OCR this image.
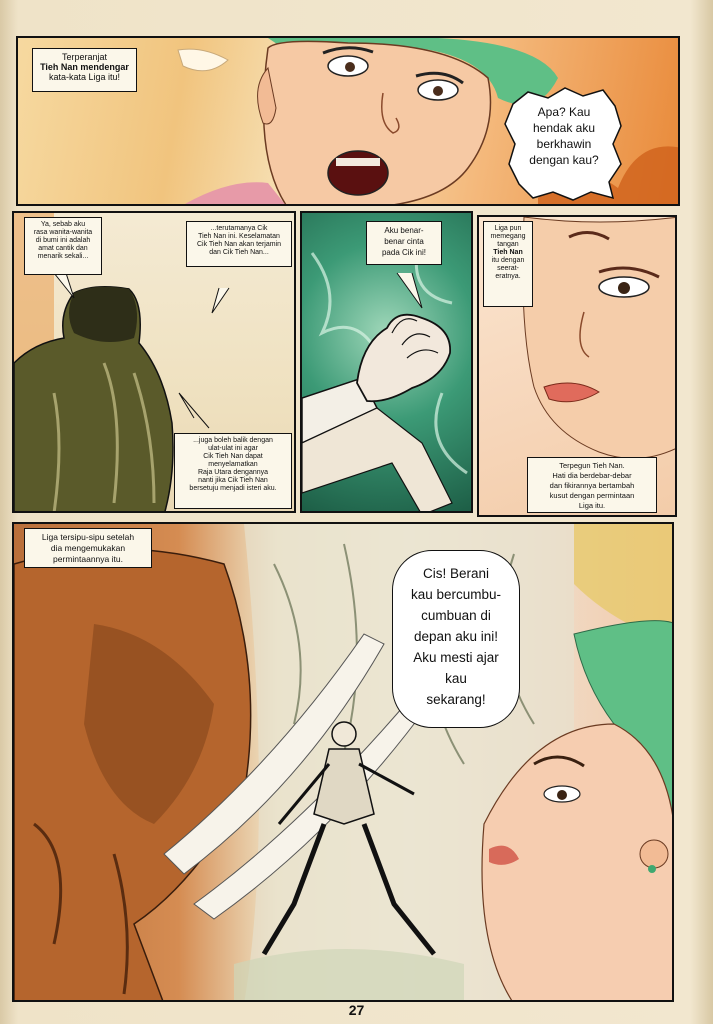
Terperanjat
Tieh Nan mendengar
kata-kata Liga itu!
Apa? Kau
hendak aku
berkhawin
dengan kau?
Ya, sebab aku
rasa wanita-wanita
di bumi ini adalah
amat cantik dan
menarik sekali...
...terutamanya Cik
Tieh Nan ini. Keselamatan
Cik Tieh Nan akan terjamin
dan Cik Tieh Nan...
...juga boleh balik dengan
ulat-ulat ini agar
Cik Tieh Nan dapat
menyelamatkan
Raja Utara dengannya
nanti jika Cik Tieh Nan
bersetuju menjadi isteri aku.
Aku benar-
benar cinta
pada Cik ini!
Liga pun
memegang
tangan
Tieh Nan
itu dengan
seerat-
eratnya.
Terpegun Tieh Nan.
Hati dia berdebar-debar
dan fikirannya bertambah
kusut dengan permintaan
Liga itu.
Liga tersipu-sipu setelah
dia mengemukakan
permintaannya itu.
Cis! Berani
kau bercumbu-
cumbuan di
depan aku ini!
Aku mesti ajar
kau
sekarang!
27
